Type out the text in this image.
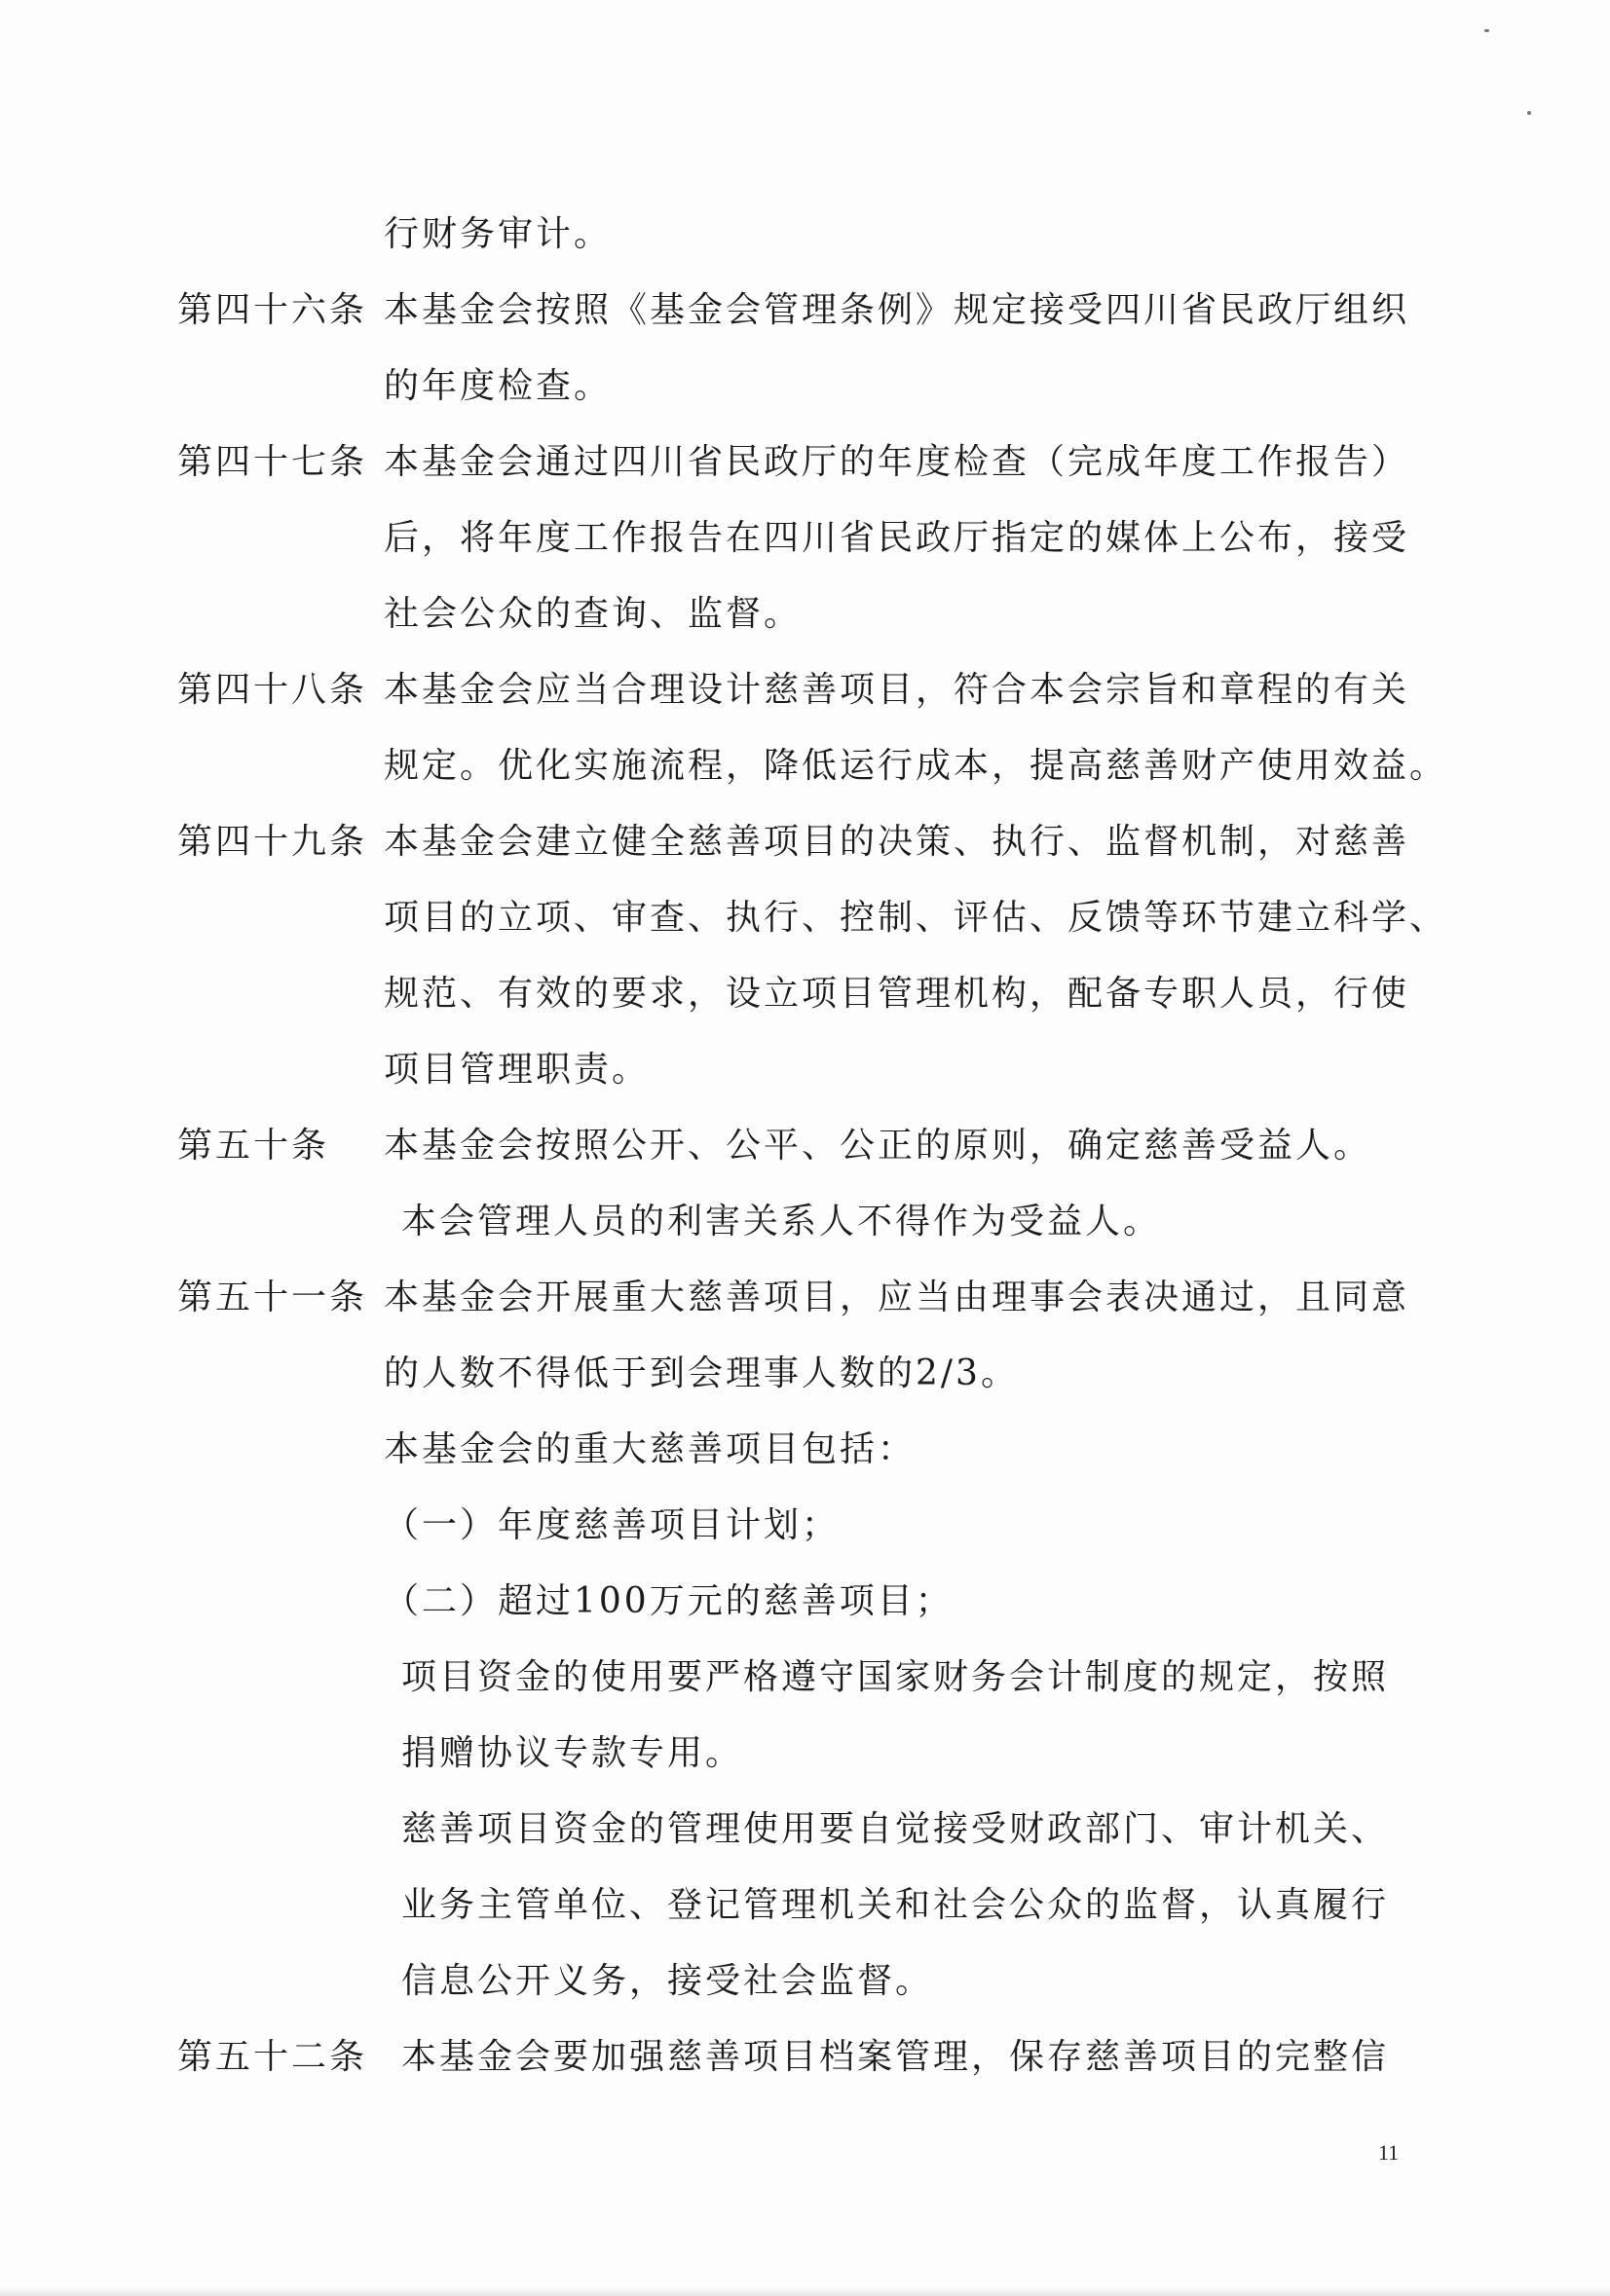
行财务审计。
第四十六条 本基金会按照《基金会管理条例》规定接受四川省民政厅组织
的年度检查。
第四十七条 本基金会通过四川省民政厅的年度检查（完成年度工作报告）
后，将年度工作报告在四川省民政厅指定的媒体上公布，接受
社会公众的查询、监督。
第四十八条 本基金会应当合理设计慈善项目，符合本会宗旨和章程的有关
规定。优化实施流程，降低运行成本，提高慈善财产使用效益。
第四十九条 本基金会建立健全慈善项目的决策、执行、监督机制，对慈善
项目的立项、审查、执行、控制、评估、反馈等环节建立科学、
规范、有效的要求，设立项目管理机构，配备专职人员，行使
项目管理职责。
第五十条 本基金会按照公开、公平、公正的原则，确定慈善受益人。
本会管理人员的利害关系人不得作为受益人。
第五十一条 本基金会开展重大慈善项目，应当由理事会表决通过，且同意
的人数不得低于到会理事人数的2/3。
本基金会的重大慈善项目包括：
（一）年度慈善项目计划；
（二）超过100万元的慈善项目；
项目资金的使用要严格遵守国家财务会计制度的规定，按照
捐赠协议专款专用。
慈善项目资金的管理使用要自觉接受财政部门、审计机关、
业务主管单位、登记管理机关和社会公众的监督，认真履行
信息公开义务，接受社会监督。
第五十二条 本基金会要加强慈善项目档案管理，保存慈善项目的完整信
11
